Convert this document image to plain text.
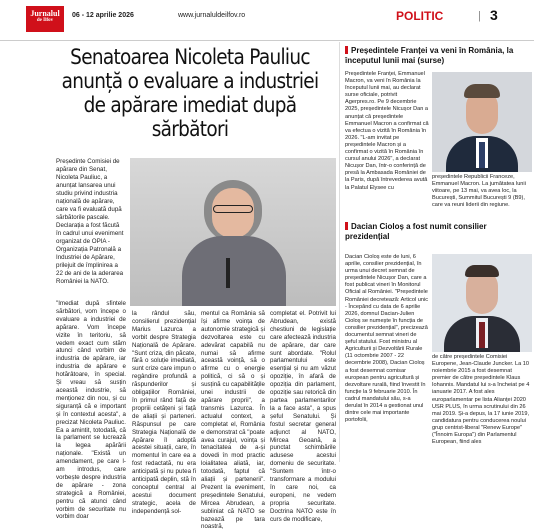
Jurnalul
de Ilfov
06 - 12 aprilie 2026	www.jurnaluldeilfov.ro	POLITIC	| 3
Senatoarea Nicoleta Pauliuc anunță o evaluare a industriei de apărare imediat după sărbători
Președinte Comisiei de apărare din Senat, Nicoleta Pauliuc, a anunțat lansarea unui studiu privind industria națională de apărare, care va fi evaluată după sărbătorile pascale. Declarația a fost făcută în cadrul unui eveniment organizat de OPIA - Organizația Patronală a Industriei de Apărare, prilejuit de împlinirea a 22 de ani de la aderarea României la NATO.
"Imediat după sfintele sărbători, vom începe o evaluare a industriei de apărare. Vom începe vizite în teritoriu, să vedem exact cum stăm atunci când vorbim de industria de apărare, iar industria de apărare e hotărâtoare, în special. Și vreau să susțin această industrie, să menționez din nou, și cu siguranță că e important și în contextul acesta", a precizat Nicoleta Pauliuc. Ea a amintit, totodată, că la parlament se lucrează la legea apărării naționale. "Există un amendament, pe care l-am introdus, care vorbește despre industria de apărare - zona strategică a României, pentru că atunci când vorbim de securitate nu vorbim doar
la rândul său, consilierul prezidențial Marius Lazurca a vorbit despre Strategia Națională de Apărare. "Sunt criza, din păcate, fără o soluție imediată, sunt crize care impun o regândire profundă a răspunderilor și obligațiilor României, în primul rând față de propriii cetățeni și față de aliații și parteneri. Răspunsul pe care Strategia Națională de Apărare îl adoptă acestei situații, care, în momentul în care ea a fost redactată, nu era anticipată și nu putea fi anticipată deplin, stă în conceptul central al acestui document strategic, acela de independență sol-
mentul ca România să își afirme voința de autonomie strategică și dezvoltarea este cu adevărat capabilă nu numai să afirme această voință, să o afirme cu o energie politică, ci să o și susțină cu capabilitățile unei industrii de apărare proprii", a transmis Lazurca. În actualul context, a completat el, România e demonstrat că "poate avea curajul, voința și tenacitatea de a-și dovedi în mod practic loialitatea aliată, iar, totodată, faptul că aliații și partenerii". Prezent la eveniment, președintele Senatului, Mircea Abrudean, a subliniat că NATO se bazează pe tara noastră,
completat el. Potrivit lui Abrudean, există chestiuni de legislație care afectează industria de apărare, dar care sunt abordate. "Rolul parlamentului este esențial și nu am văzut opoziție, în afară de opoziția din parlament, opoziție sau retorică din partea parlamentarilor la a face asta", a spus șeful Senatului. Și fostul secretar general adjunct al NATO, Mircea Geoană, a punctat schimbările adusese acestui domeniu de securitate. "Suntem într-o transformare a modului în care noi, ca europeni, ne vedem propria securitate. Doctrina NATO este în curs de modificare,
Președintele Franței va veni în România, la începutul lunii mai (surse)
Președintele Franței, Emmanuel Macron, va veni în România la începutul lunii mai, au declarat surse oficiale, potrivit Agerpres.ro. Pe 9 decembrie 2025, președintele Nicușor Dan a anunțat că președintele Emmanuel Macron a confirmat că va efectua o vizită în România în 2026. "L-am invitat pe președintele Macron și a confirmat o vizită în România în cursul anului 2026", a declarat Nicușor Dan, într-o conferință de presă la Ambasada României de la Paris, după întrevederea avută la Palatul Elysee cu
președintele Republicii Franceze, Emmanuel Macron. La jumătatea lunii viitoare, pe 13 mai, va avea loc, la București, Summitul București 9 (B9), care va reuni liderii din regiune.
Dacian Cioloș a fost numit consilier prezidențial
Dacian Cioloș este de luni, 6 aprilie, consilier prezidențial, în urma unui decret semnat de președintele Nicușor Dan, care a fost publicat vineri în Monitorul Oficial al României. "Președintele României decretează: Articol unic - Începând cu data de 6 aprilie 2026, domnul Dacian-Julien Cioloș se numește în funcția de consilier prezidențial", precizează documentul semnat vineri de șeful statului. Fost ministru al Agriculturii și Dezvoltării Rurale (11 octombrie 2007 - 22 decembrie 2008), Dacian Cioloș a fost desemnat comisar european pentru agricultură și dezvoltare rurală, fiind învestit în funcție la 9 februarie 2010. În cadrul mandatului său, s-a derulat în 2014 a gestionat unul dintre cele mai importante portofolii,
de către președintele Comisiei Europene, Jean-Claude Juncker. La 10 noiembrie 2015 a fost desemnat premier de către președintele Klaus Iohannis. Mandatul lui s-a încheiat pe 4 ianuarie 2017. A fost ales europarlamentar pe lista Alianței 2020 USR PLUS, în urma scrutinului din 26 mai 2019. Și-a depus, la 17 iunie 2019, candidatura pentru conducerea noului grup centrist-liberal "Renew Europe" ("Înnoim Europa") din Parlamentul European, fiind ales
